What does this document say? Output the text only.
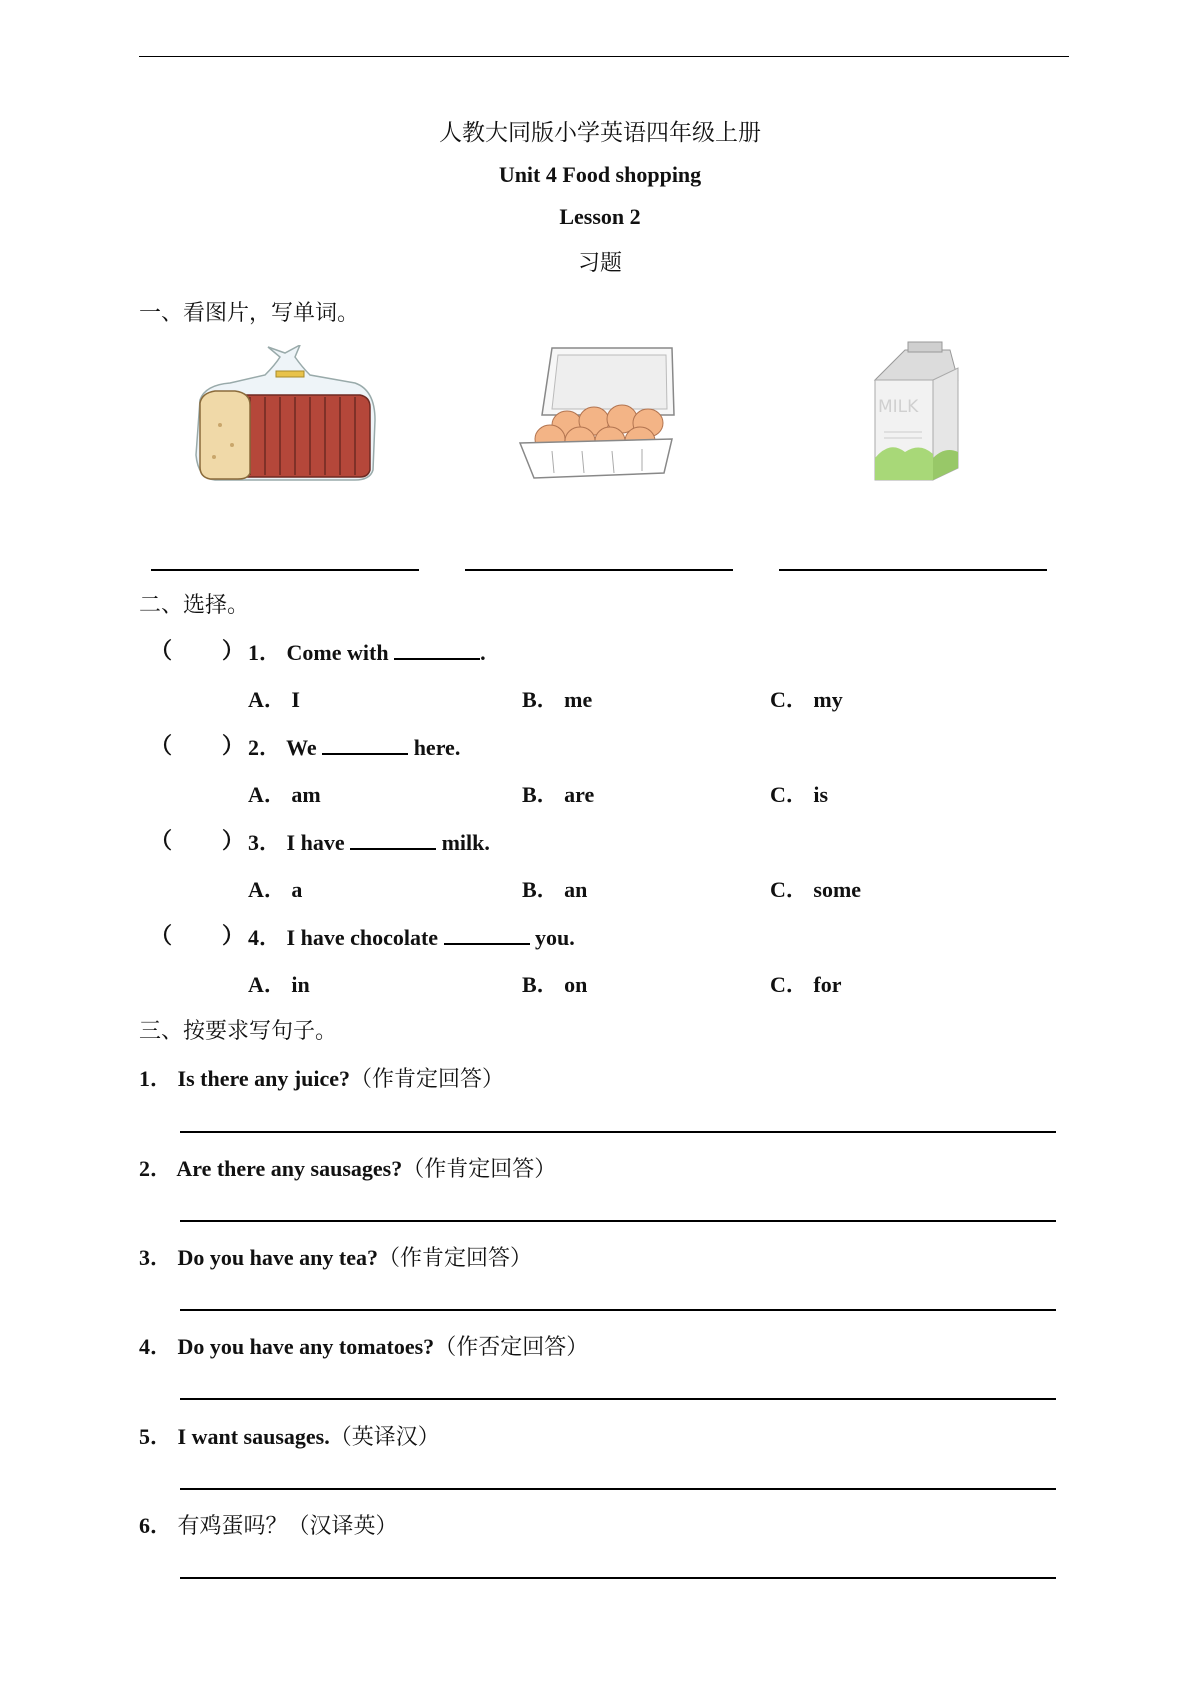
人教大同版小学英语四年级上册
Unit 4 Food shopping
Lesson 2
习题
一、看图片，写单词。
MILK
二、选择。
（ ） 1． Come with	.
A． I	B． me	C． my
（ ） 2． We	here.
A． am	B． are	C． is
（ ） 3． I have	milk.
A． a	B． an	C． some
（ ） 4． I have chocolate	you.
A． in	B． on	C． for
三、按要求写句子。
1． Is there any juice?（作肯定回答）
2． Are there any sausages?（作肯定回答）
3． Do you have any tea?（作肯定回答）
4． Do you have any tomatoes?（作否定回答）
5． I want sausages.（英译汉）
6． 有鸡蛋吗？（汉译英）
